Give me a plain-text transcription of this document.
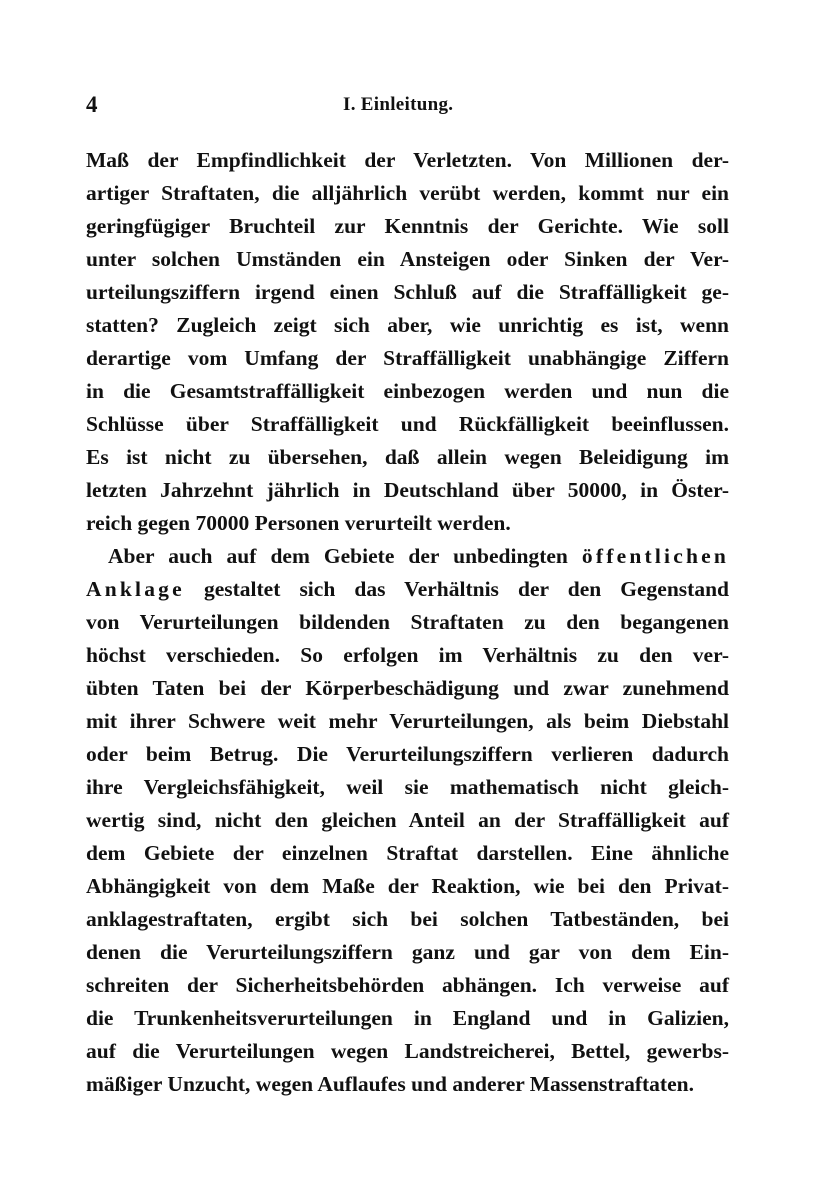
4	I. Einleitung.
Maß der Empfindlichkeit der Verletzten. Von Millionen der-
artiger Straftaten, die alljährlich verübt werden, kommt nur ein
geringfügiger Bruchteil zur Kenntnis der Gerichte. Wie soll
unter solchen Umständen ein Ansteigen oder Sinken der Ver-
urteilungsziffern irgend einen Schluß auf die Straffälligkeit ge-
statten? Zugleich zeigt sich aber, wie unrichtig es ist, wenn
derartige vom Umfang der Straffälligkeit unabhängige Ziffern
in die Gesamtstraffälligkeit einbezogen werden und nun die
Schlüsse über Straffälligkeit und Rückfälligkeit beeinflussen.
Es ist nicht zu übersehen, daß allein wegen Beleidigung im
letzten Jahrzehnt jährlich in Deutschland über 50000, in Öster-
reich gegen 70000 Personen verurteilt werden.
Aber auch auf dem Gebiete der unbedingten öffentlichen
Anklage gestaltet sich das Verhältnis der den Gegenstand
von Verurteilungen bildenden Straftaten zu den begangenen
höchst verschieden. So erfolgen im Verhältnis zu den ver-
übten Taten bei der Körperbeschädigung und zwar zunehmend
mit ihrer Schwere weit mehr Verurteilungen, als beim Diebstahl
oder beim Betrug. Die Verurteilungsziffern verlieren dadurch
ihre Vergleichsfähigkeit, weil sie mathematisch nicht gleich-
wertig sind, nicht den gleichen Anteil an der Straffälligkeit auf
dem Gebiete der einzelnen Straftat darstellen. Eine ähnliche
Abhängigkeit von dem Maße der Reaktion, wie bei den Privat-
anklagestraftaten, ergibt sich bei solchen Tatbeständen, bei
denen die Verurteilungsziffern ganz und gar von dem Ein-
schreiten der Sicherheitsbehörden abhängen. Ich verweise auf
die Trunkenheitsverurteilungen in England und in Galizien,
auf die Verurteilungen wegen Landstreicherei, Bettel, gewerbs-
mäßiger Unzucht, wegen Auflaufes und anderer Massenstraftaten.
